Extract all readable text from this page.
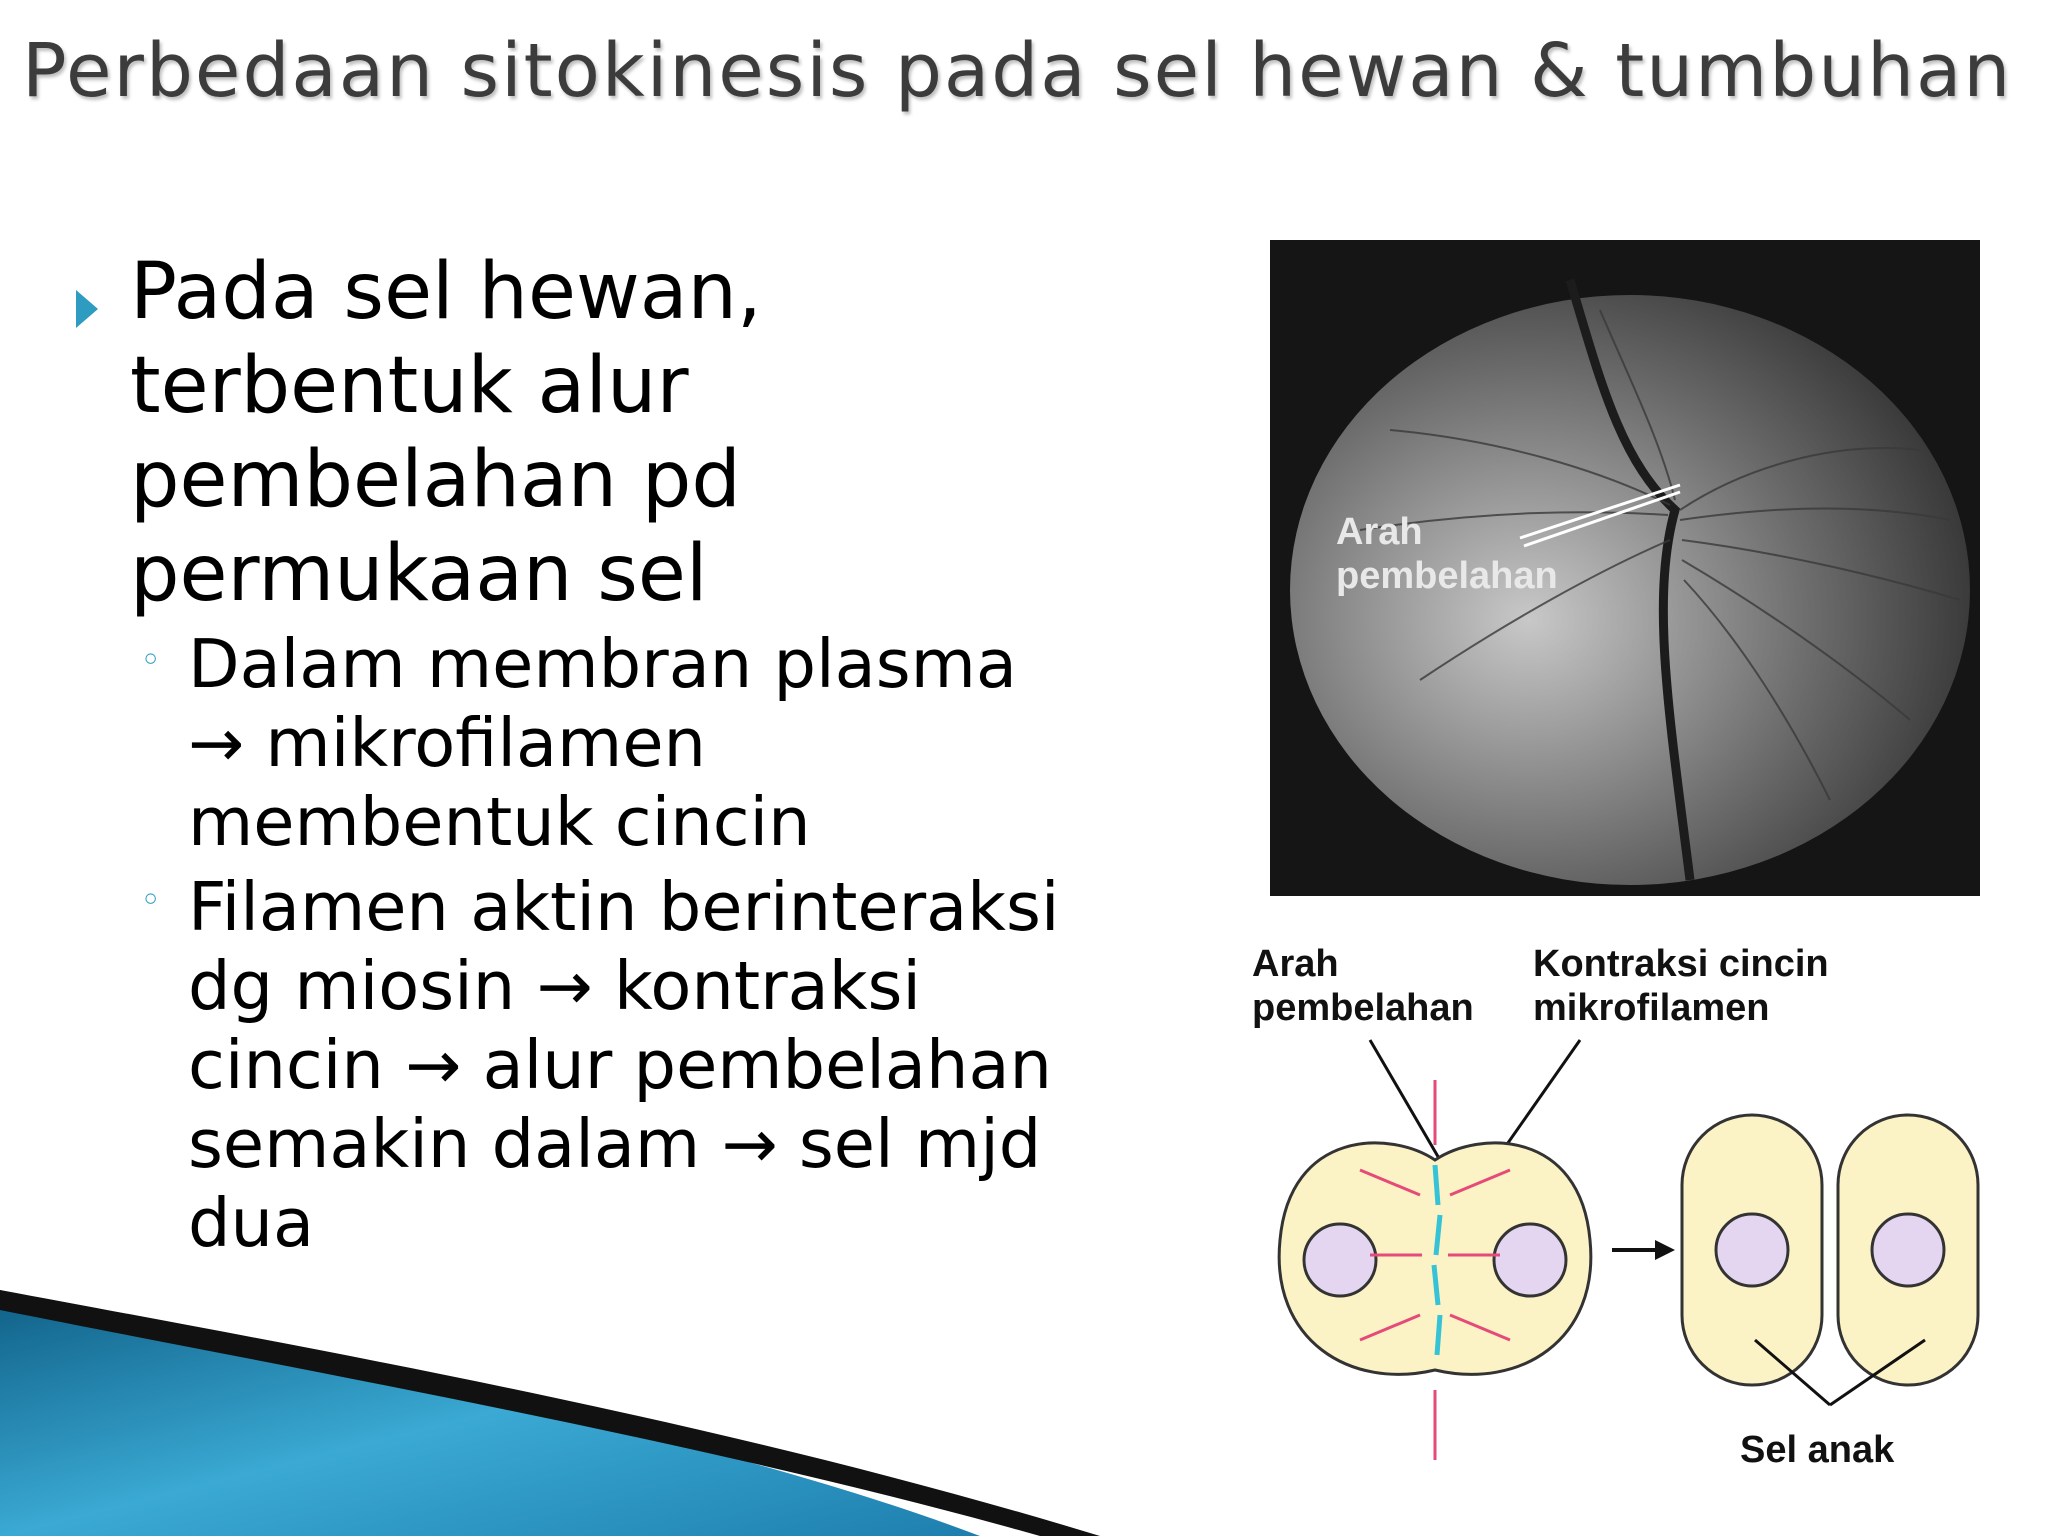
Perbedaan sitokinesis pada sel hewan & tumbuhan
Pada sel hewan, terbentuk alur pembelahan pd permukaan sel
◦ Dalam membran plasma → mikrofilamen membentuk cincin
◦ Filamen aktin berinteraksi dg miosin → kontraksi cincin → alur pembelahan semakin dalam → sel mjd dua
Arah pembelahan
Arah pembelahan
Kontraksi cincin mikrofilamen
Sel anak
